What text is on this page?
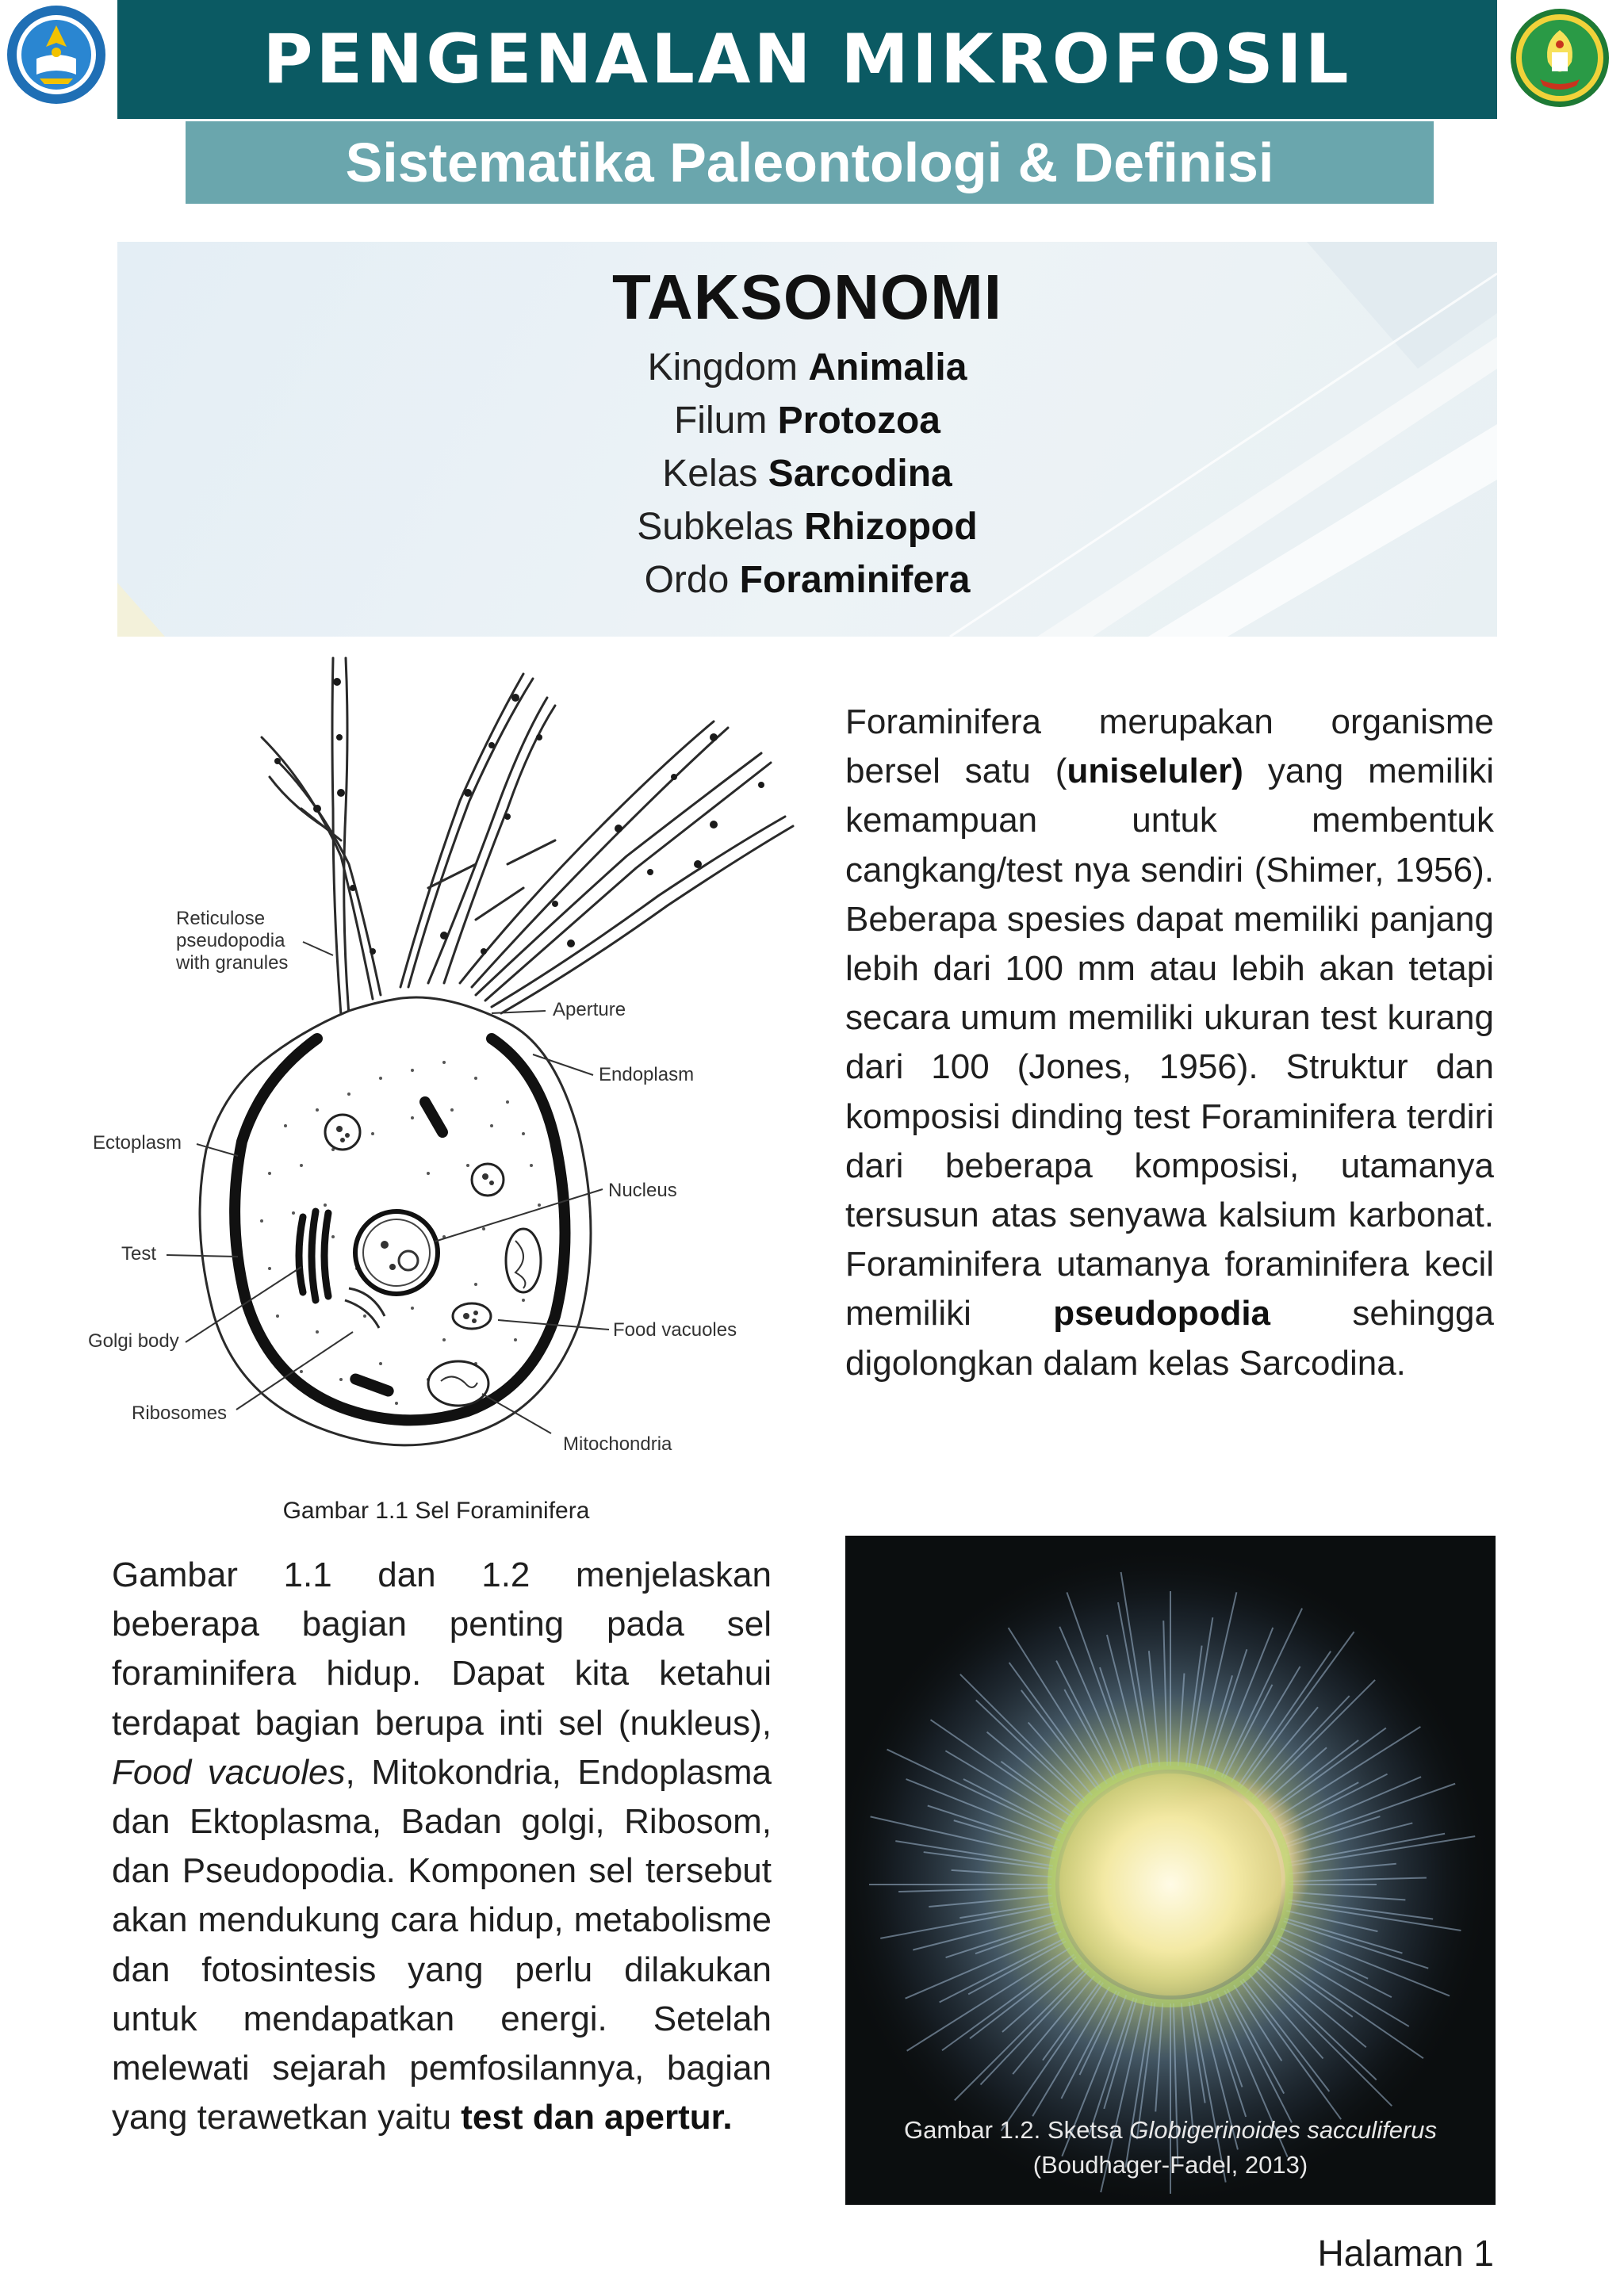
PENGENALAN MIKROFOSIL
Sistematika Paleontologi & Definisi
TAKSONOMI
Kingdom Animalia
Filum Protozoa
Kelas Sarcodina
Subkelas Rhizopod
Ordo Foraminifera
Reticulose
pseudopodia
with granules
Aperture
Endoplasm
Ectoplasm
Nucleus
Test
Golgi body
Food vacuoles
Ribosomes
Mitochondria
Gambar 1.1 Sel Foraminifera
Foraminifera merupakan organisme bersel satu (uniseluler) yang memiliki kemampuan untuk membentuk cangkang/test nya sendiri (Shimer, 1956). Beberapa spesies dapat memiliki panjang lebih dari 100 mm atau lebih akan tetapi secara umum memiliki ukuran test kurang dari 100 (Jones, 1956). Struktur dan komposisi dinding test Foraminifera terdiri dari beberapa komposisi, utamanya tersusun atas senyawa kalsium karbonat. Foraminifera utamanya foraminifera kecil memiliki pseudopodia sehingga digolongkan dalam kelas Sarcodina.
Gambar 1.1 dan 1.2 menjelaskan beberapa bagian penting pada sel foraminifera hidup. Dapat kita ketahui terdapat bagian berupa inti sel (nukleus), Food vacuoles, Mitokondria, Endoplasma dan Ektoplasma, Badan golgi, Ribosom, dan Pseudopodia. Komponen sel tersebut akan mendukung cara hidup, metabolisme dan fotosintesis yang perlu dilakukan untuk mendapatkan energi. Setelah melewati sejarah pemfosilannya, bagian yang terawetkan yaitu test dan apertur.	Gambar 1.2. Sketsa Globigerinoides sacculiferus
(Boudhager-Fadel, 2013)
Halaman 1
